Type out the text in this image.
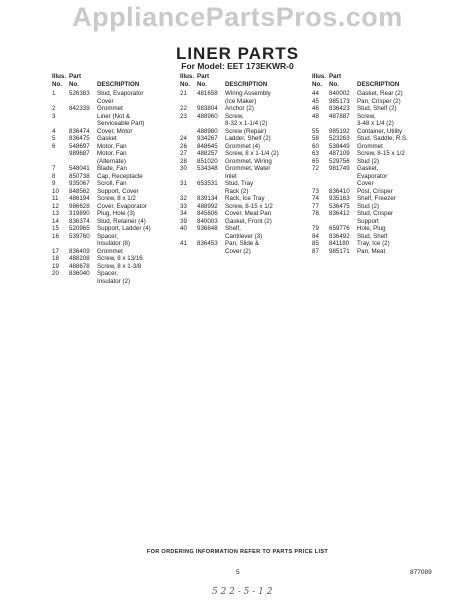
AppliancePartsPros.com
LINER PARTS
For Model: EET 173EKWR-0
Illus. Part
No. No.	DESCRIPTION
1 526383 Stud, Evaporator
Cover
2 842339 Grommet
3	Liner (Not &
Serviceable Part)
4 836474 Cover, Motor
5 836475 Gasket
6 548697 Motor, Fan
989687 Motor, Fan
(Alternate)
7 548041 Blade, Fan
8 850738 Cap, Receptacle
9 935067 Scroll, Fan
10 848562 Support, Cover
11 486194 Screw, 8 x 1/2
12 986628 Cover, Evaporator
13 319890 Plug, Hole (3)
14 836374 Stud, Retainer (4)
15 520965 Support, Ladder (4)
16 539760 Spacer,
Insulator (8)
17 836409 Grommet
18 488208 Screw, 8 x 13/16
19 488678 Screw, 8 x 1-3/8
20 836040 Spacer,
Insulator (2)
Illus. Part
No. No.	DESCRIPTION
21 481658 Wiring Assembly
(Ice Maker)
22 983804 Anchor (2)
23 488960 Screw,
8-32 x 1-1/4 (2)
488980 Screw (Repair)
24 934267 Ladder, Shelf (2)
26 848645 Grommet (4)
27 488257 Screw, 8 x 1-1/4 (2)
28 851020 Grommet, Wiring
30 534348 Grommet, Water
Inlet
31 653531 Stud, Tray
Rack (2)
32 839134 Rack, Ice Tray
33 488992 Screw, 8-15 x 1/2
34 845606 Cover, Meat Pan
39 840003 Gasket, Front (2)
40 936848 Shelf,
Cantilever (3)
41 836453 Pan, Slide &
Cover (2)
Illus. Part
No. No.	DESCRIPTION
44 840002 Gasket, Rear (2)
45 985173 Pan, Crisper (2)
46 836423 Stud, Shelf (2)
48 487887 Screw,
3-48 x 1/4 (2)
55 985192 Container, Utility
58 523263 Stud, Saddle, R.S.
60 538449 Grommet
63 487109 Screw, 8-15 x 1/2
65 529756 Stud (2)
72 981749 Gasket,
Evaporator
Cover
73 836410 Post, Crisper
74 935163 Shelf, Freezer
77 536475 Stud (2)
78 836412 Stud, Crisper
Support
79 659776 Hole, Plug
84 836492 Stud, Shelf
85 841180 Tray, Ice (2)
87 985171 Pan, Meat
FOR ORDERING INFORMATION REFER TO PARTS PRICE LIST
5	877089
5 2 2 - 5 - 1 2
